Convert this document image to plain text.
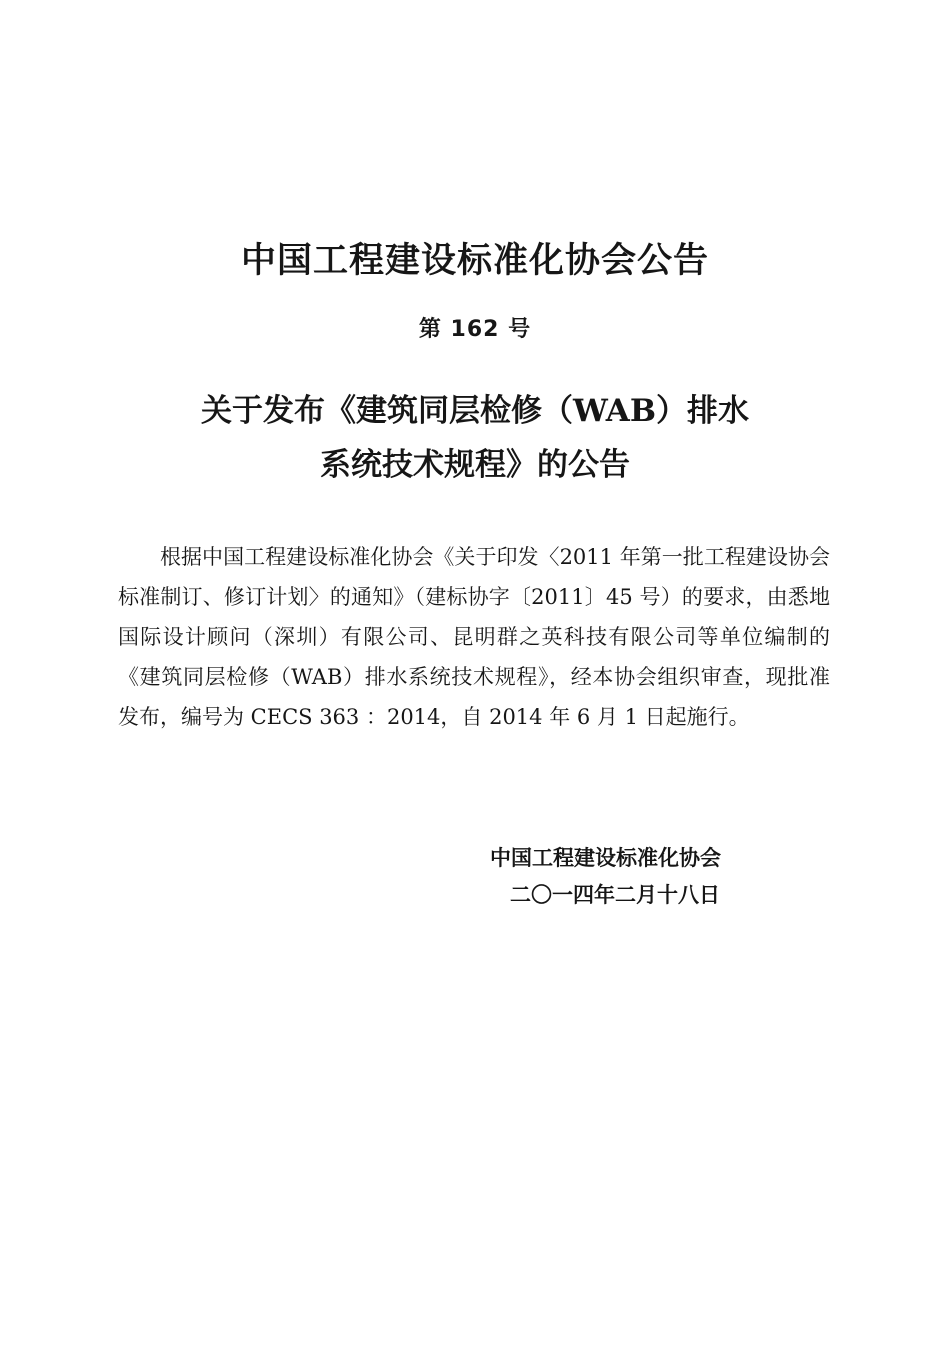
中国工程建设标准化协会公告
第 162 号
关于发布《建筑同层检修（WAB）排水
系统技术规程》的公告

根据中国工程建设标准化协会《关于印发〈2011 年第一批工程建设协会标准制订、修订计划〉的通知》（建标协字〔2011〕45 号）的要求，由悉地国际设计顾问（深圳）有限公司、昆明群之英科技有限公司等单位编制的《建筑同层检修（WAB）排水系统技术规程》，经本协会组织审查，现批准发布，编号为 CECS 363 ：2014，自 2014 年 6 月 1 日起施行。

中国工程建设标准化协会
二〇一四年二月十八日
